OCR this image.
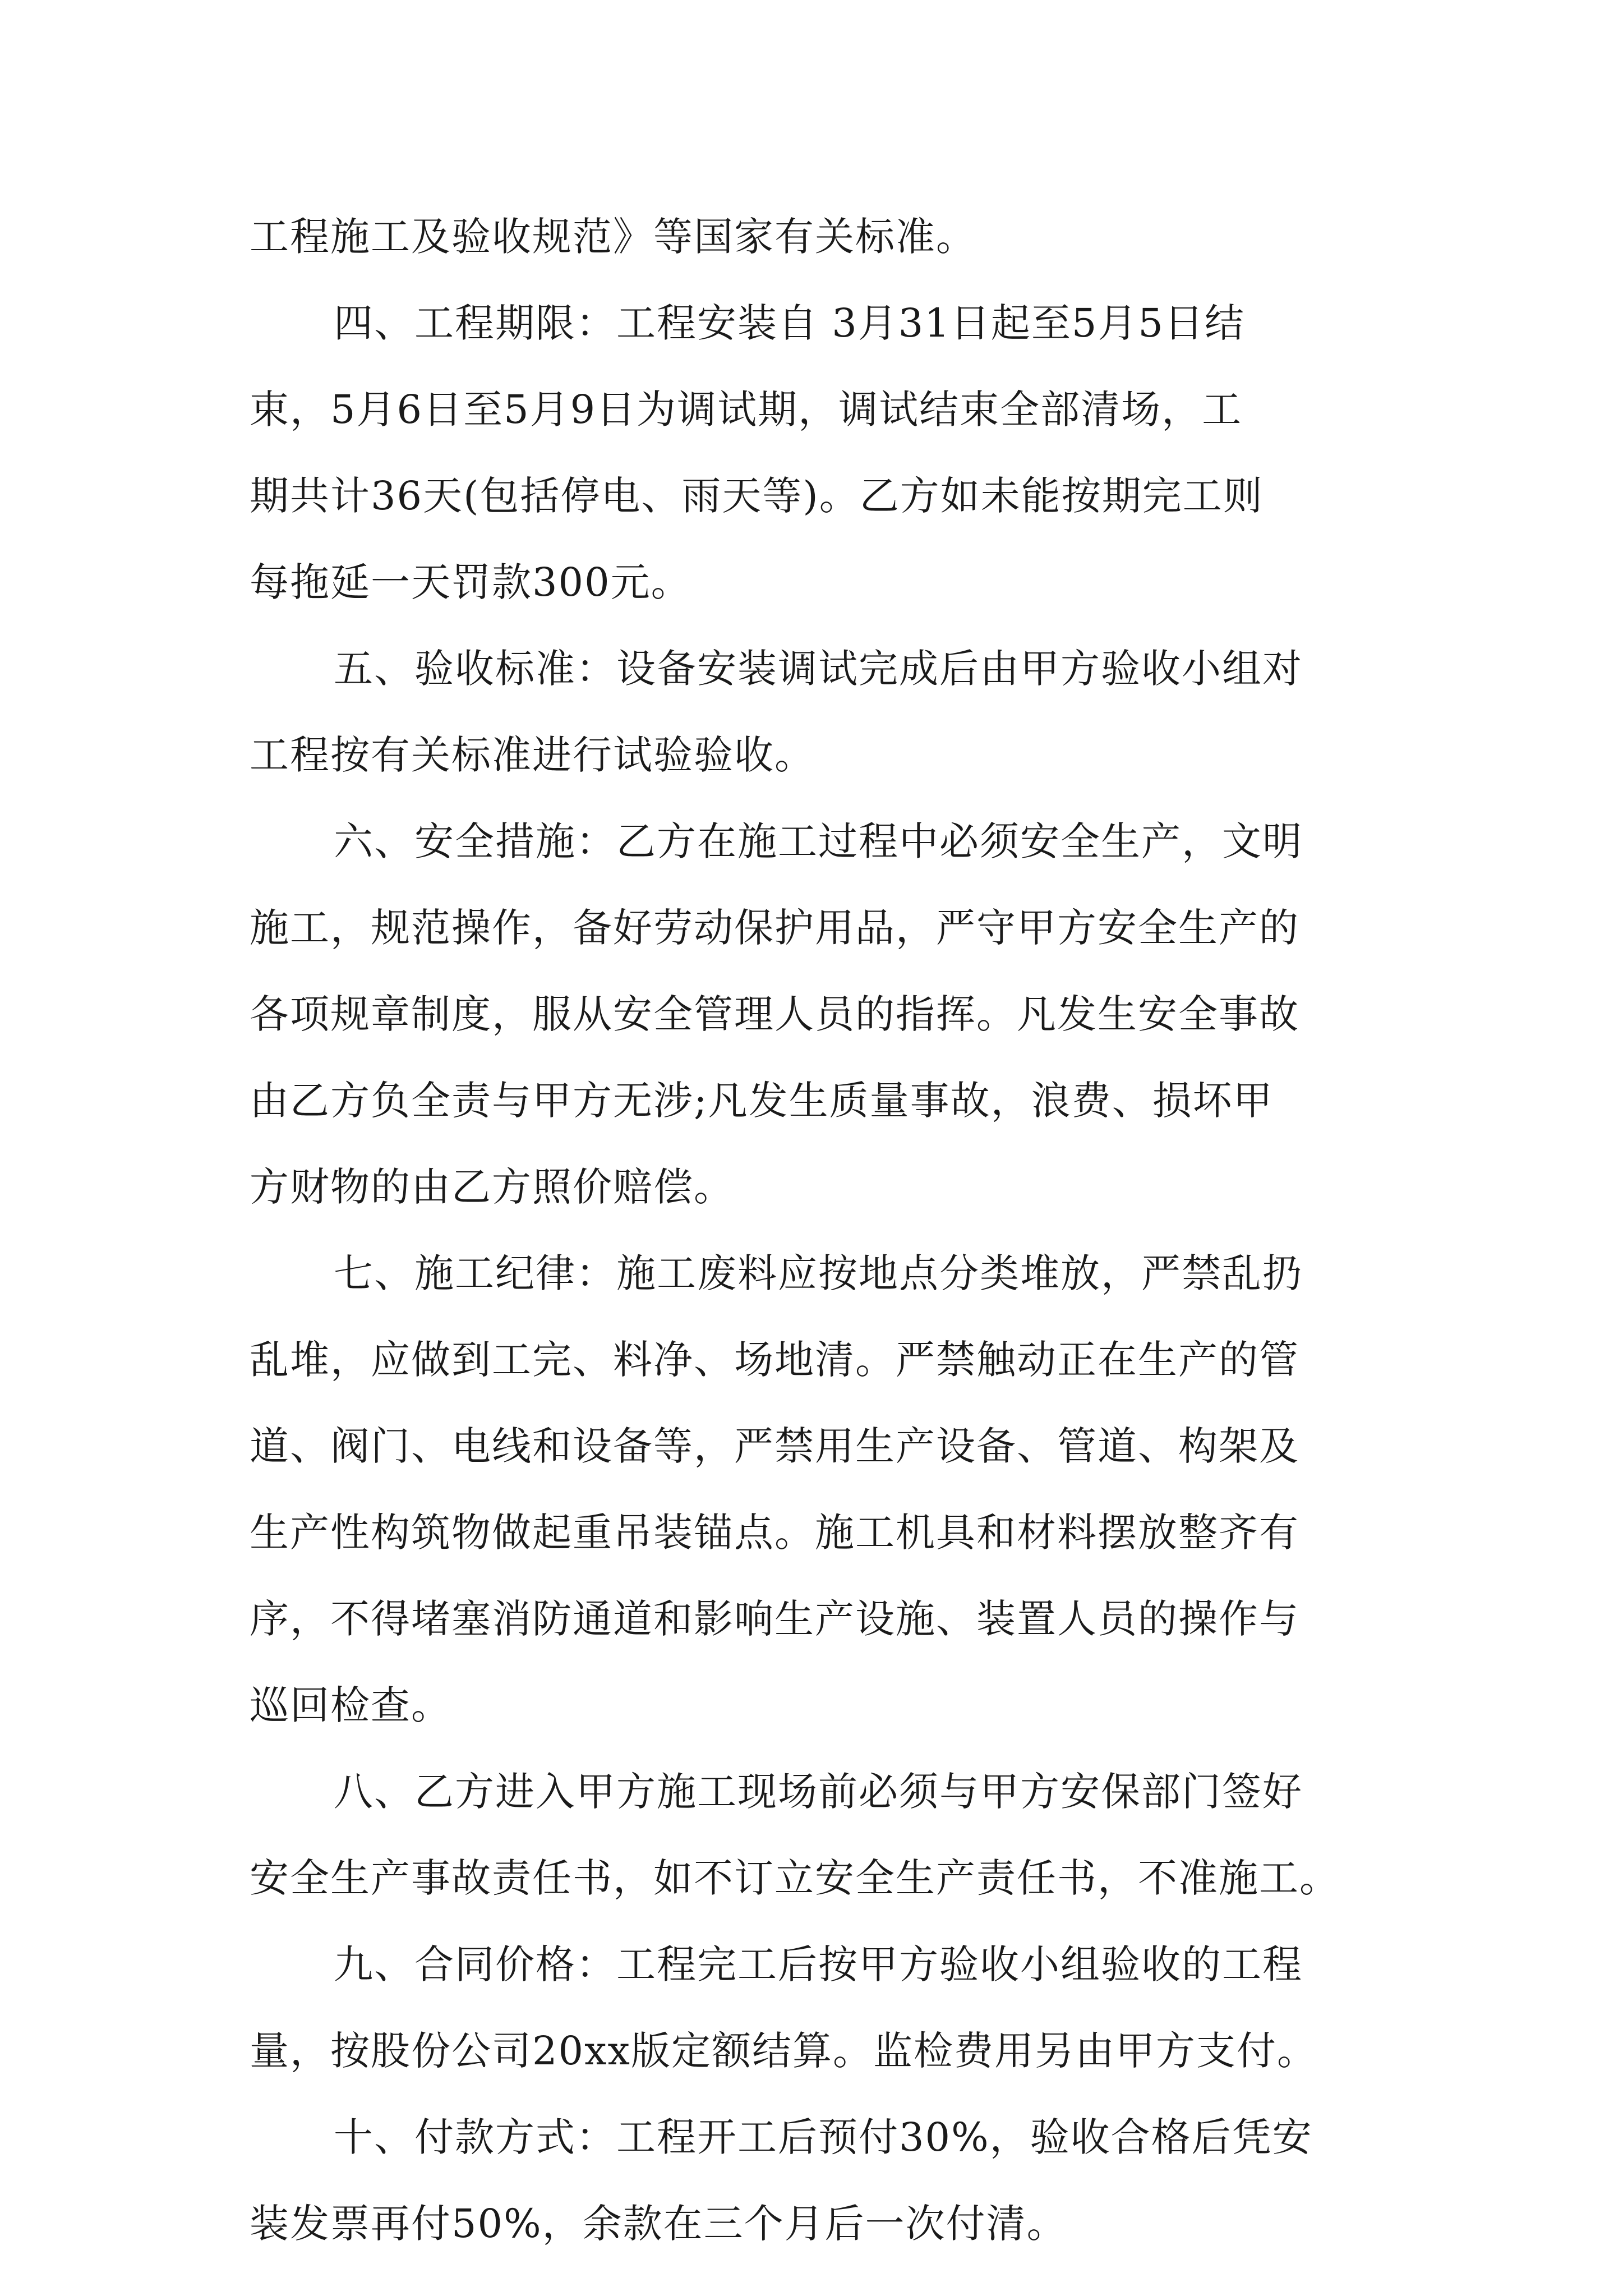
工程施工及验收规范》等国家有关标准。
四、工程期限：工程安装自 3月31日起至5月5日结
束，5月6日至5月9日为调试期，调试结束全部清场，工
期共计36天(包括停电、雨天等)。乙方如未能按期完工则
每拖延一天罚款300元。
五、验收标准：设备安装调试完成后由甲方验收小组对
工程按有关标准进行试验验收。
六、安全措施：乙方在施工过程中必须安全生产，文明
施工，规范操作，备好劳动保护用品，严守甲方安全生产的
各项规章制度，服从安全管理人员的指挥。凡发生安全事故
由乙方负全责与甲方无涉;凡发生质量事故，浪费、损坏甲
方财物的由乙方照价赔偿。
七、施工纪律：施工废料应按地点分类堆放，严禁乱扔
乱堆，应做到工完、料净、场地清。严禁触动正在生产的管
道、阀门、电线和设备等，严禁用生产设备、管道、构架及
生产性构筑物做起重吊装锚点。施工机具和材料摆放整齐有
序，不得堵塞消防通道和影响生产设施、装置人员的操作与
巡回检查。
八、乙方进入甲方施工现场前必须与甲方安保部门签好
安全生产事故责任书，如不订立安全生产责任书，不准施工。
九、合同价格：工程完工后按甲方验收小组验收的工程
量，按股份公司20xx版定额结算。监检费用另由甲方支付。
十、付款方式：工程开工后预付30%，验收合格后凭安
装发票再付50%，余款在三个月后一次付清。
